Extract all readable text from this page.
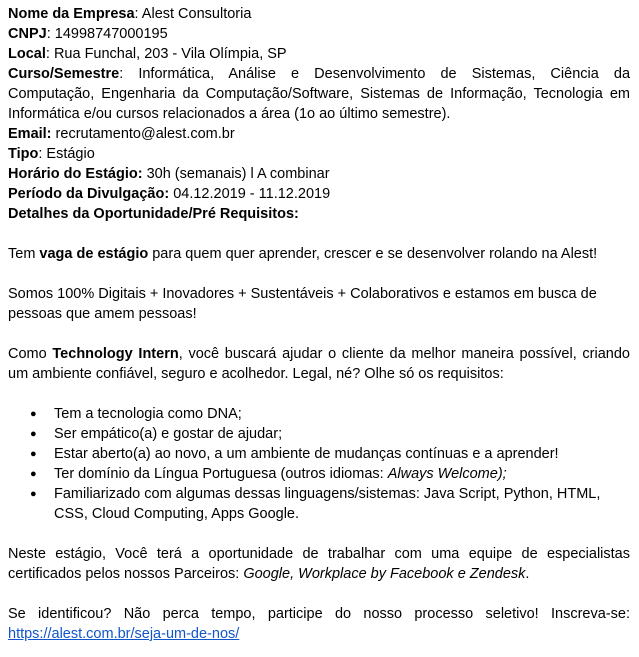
Nome da Empresa: Alest Consultoria
CNPJ: 14998747000195
Local: Rua Funchal, 203 - Vila Olímpia, SP
Curso/Semestre: Informática, Análise e Desenvolvimento de Sistemas, Ciência da Computação, Engenharia da Computação/Software, Sistemas de Informação, Tecnologia em Informática e/ou cursos relacionados a área (1o ao último semestre).
Email: recrutamento@alest.com.br
Tipo: Estágio
Horário do Estágio: 30h (semanais) l A combinar
Período da Divulgação: 04.12.2019 - 11.12.2019
Detalhes da Oportunidade/Pré Requisitos:

Tem vaga de estágio para quem quer aprender, crescer e se desenvolver rolando na Alest!

Somos 100% Digitais + Inovadores + Sustentáveis + Colaborativos e estamos em busca de pessoas que amem pessoas!

Como Technology Intern, você buscará ajudar o cliente da melhor maneira possível, criando um ambiente confiável, seguro e acolhedor. Legal, né? Olhe só os requisitos:

● Tem a tecnologia como DNA;
● Ser empático(a) e gostar de ajudar;
● Estar aberto(a) ao novo, a um ambiente de mudanças contínuas e a aprender!
● Ter domínio da Língua Portuguesa (outros idiomas: Always Welcome);
● Familiarizado com algumas dessas linguagens/sistemas: Java Script, Python, HTML, CSS, Cloud Computing, Apps Google.

Neste estágio, Você terá a oportunidade de trabalhar com uma equipe de especialistas certificados pelos nossos Parceiros: Google, Workplace by Facebook e Zendesk.

Se identificou? Não perca tempo, participe do nosso processo seletivo! Inscreva-se: https://alest.com.br/seja-um-de-nos/
